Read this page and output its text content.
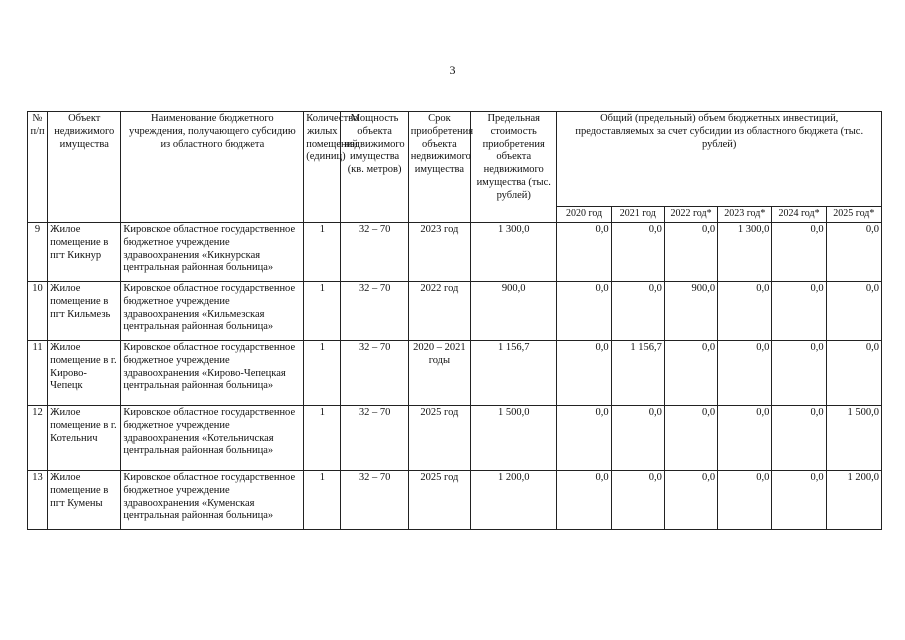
3
№ п/п	Объект недвижимого имущества	Наименование бюджетного учреждения, получающего субсидию из областного бюджета	Количество жилых помещений (единиц)	Мощность объекта недвижимого имущества (кв. метров)	Срок приобретения объекта недвижимого имущества	Предельная стоимость приобретения объекта недвижимого имущества (тыс. рублей)	Общий (предельный) объем бюджетных инвестиций, предоставляемых за счет субсидии из областного бюджета (тыс. рублей)					
							2020 год	2021 год	2022 год*	2023 год*	2024 год*	2025 год*
9	Жилое помещение в пгт Кикнур	Кировское областное государственное бюджетное учреждение здравоохранения «Кикнурская центральная районная больница»	1	32 – 70	2023 год	1 300,0	0,0	0,0	0,0	1 300,0	0,0	0,0
10	Жилое помещение в пгт Кильмезь	Кировское областное государственное бюджетное учреждение здравоохранения «Кильмезская центральная районная больница»	1	32 – 70	2022 год	900,0	0,0	0,0	900,0	0,0	0,0	0,0
11	Жилое помещение в г. Кирово-Чепецк	Кировское областное государственное бюджетное учреждение здравоохранения «Кирово-Чепецкая центральная районная больница»	1	32 – 70	2020 – 2021 годы	1 156,7	0,0	1 156,7	0,0	0,0	0,0	0,0
12	Жилое помещение в г. Котельнич	Кировское областное государственное бюджетное учреждение здравоохранения «Котельничская центральная районная больница»	1	32 – 70	2025 год	1 500,0	0,0	0,0	0,0	0,0	0,0	1 500,0
13	Жилое помещение в пгт Кумены	Кировское областное государственное бюджетное учреждение здравоохранения «Куменская центральная районная больница»	1	32 – 70	2025 год	1 200,0	0,0	0,0	0,0	0,0	0,0	1 200,0
